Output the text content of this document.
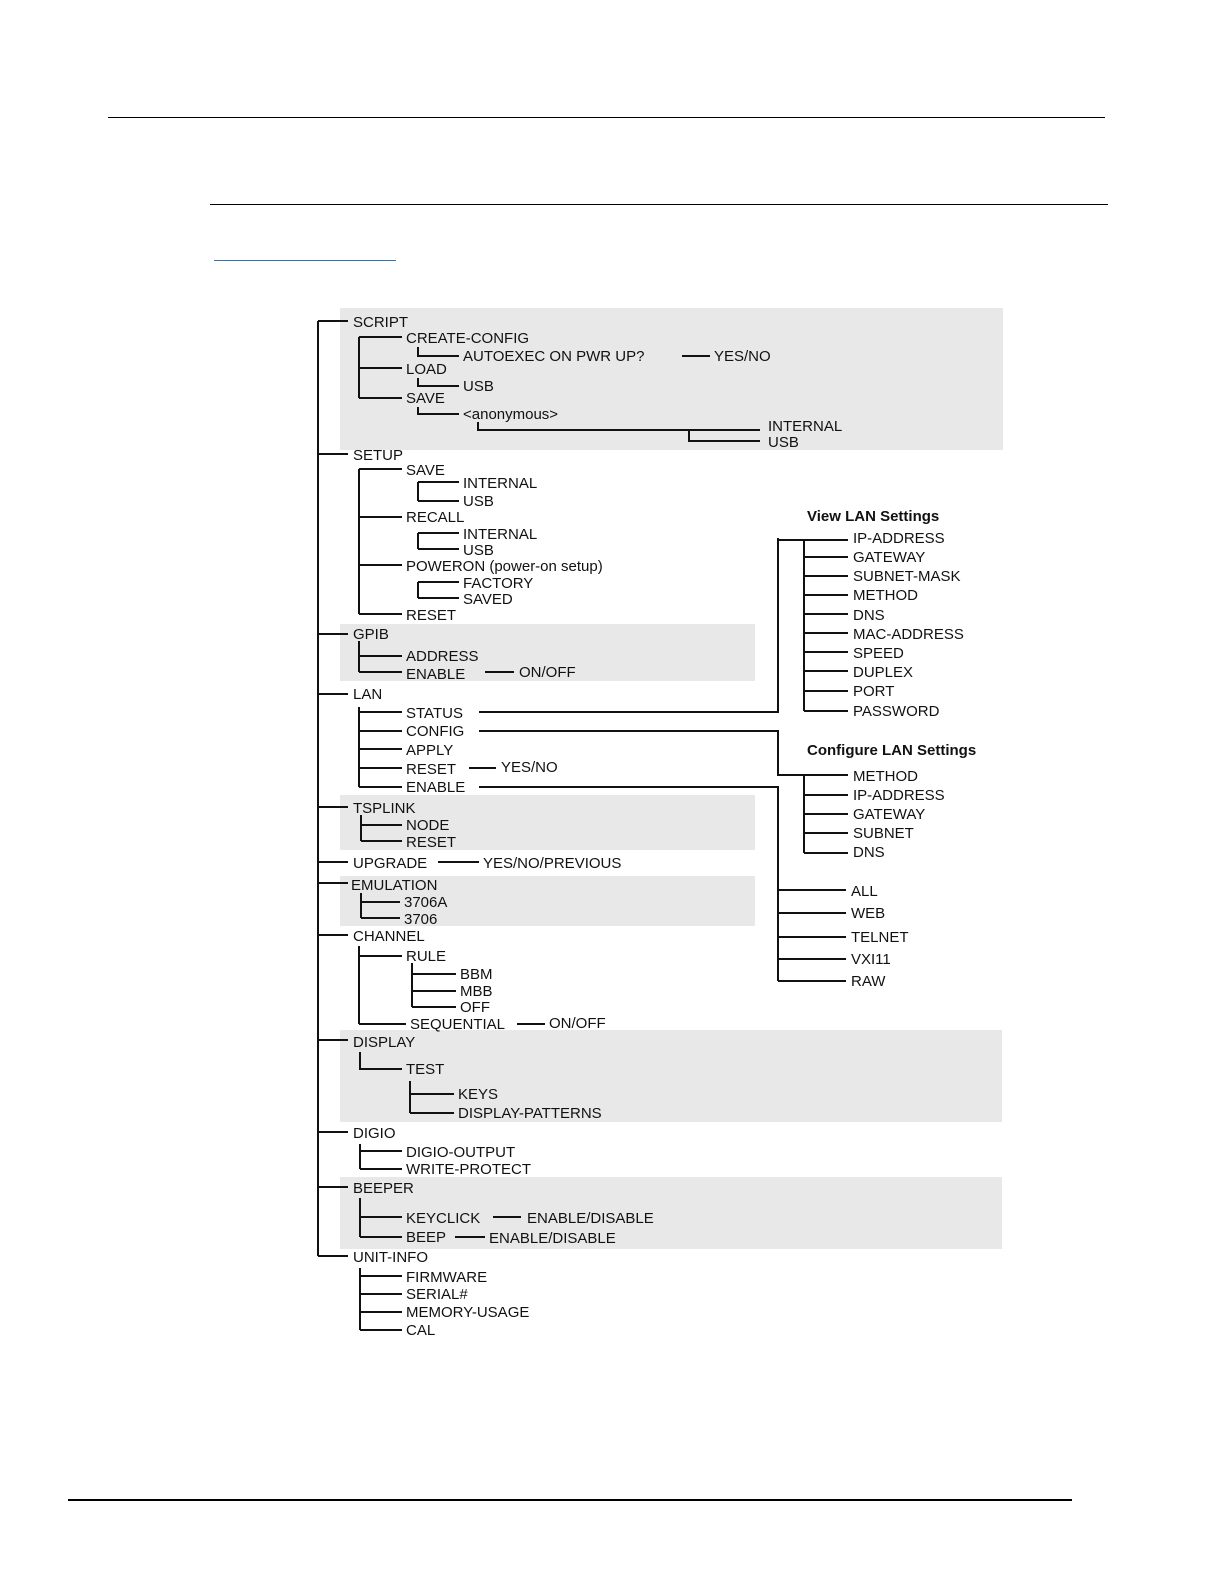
SCRIPT
CREATE-CONFIG
AUTOEXEC ON PWR UP?	YES/NO
LOAD
USB
SAVE
<anonymous>
INTERNAL
USB
SETUP
SAVE
INTERNAL
USB
RECALL
INTERNAL
USB
POWERON (power-on setup)
FACTORY
SAVED
RESET
GPIB
ADDRESS
ENABLE	ON/OFF
LAN
STATUS
CONFIG
APPLY
RESET	YES/NO
ENABLE
View LAN Settings
IP-ADDRESS
GATEWAY
SUBNET-MASK
METHOD
DNS
MAC-ADDRESS
SPEED
DUPLEX
PORT
PASSWORD
Configure LAN Settings
METHOD
IP-ADDRESS
GATEWAY
SUBNET
DNS
ALL
WEB
TELNET
VXI11
RAW
TSPLINK
NODE
RESET
UPGRADE	YES/NO/PREVIOUS
EMULATION
3706A
3706
CHANNEL
RULE
BBM
MBB
OFF
SEQUENTIAL	ON/OFF
DISPLAY
TEST
KEYS
DISPLAY-PATTERNS
DIGIO
DIGIO-OUTPUT
WRITE-PROTECT
BEEPER
KEYCLICK	ENABLE/DISABLE
BEEP	ENABLE/DISABLE
UNIT-INFO
FIRMWARE
SERIAL#
MEMORY-USAGE
CAL
